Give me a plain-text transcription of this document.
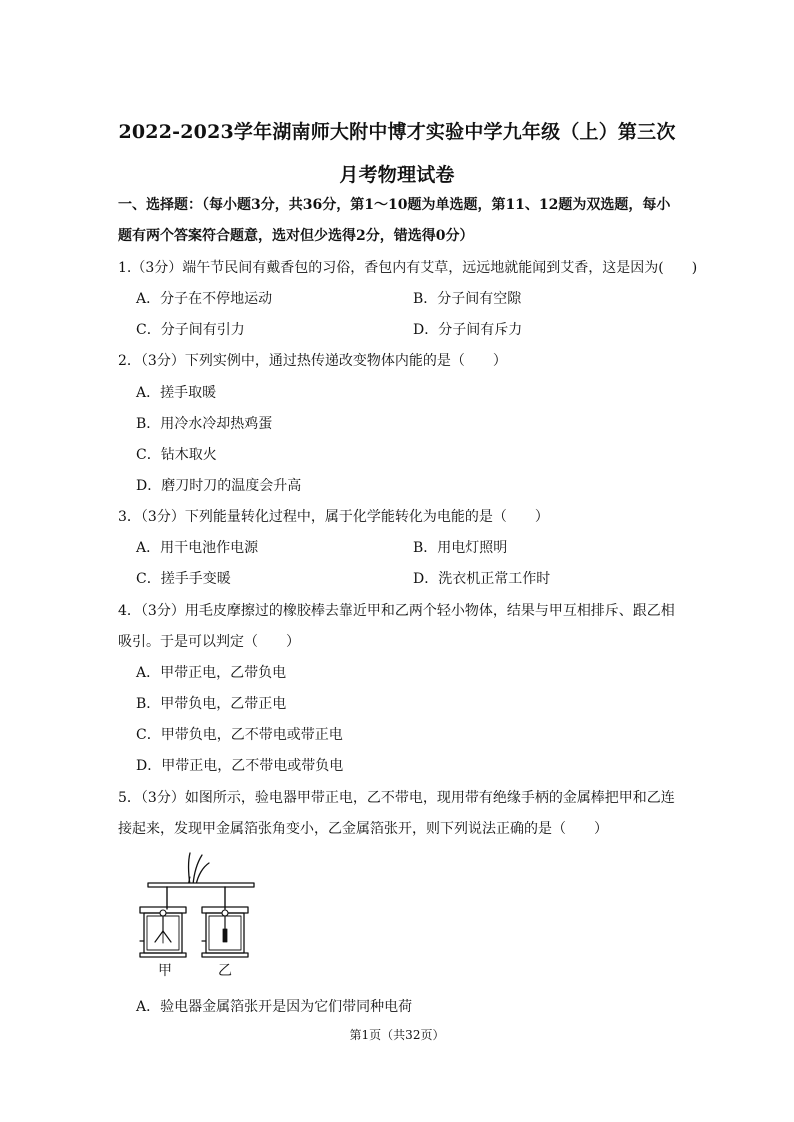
2022-2023学年湖南师大附中博才实验中学九年级（上）第三次
月考物理试卷
一、选择题：（每小题3分，共36分，第1～10题为单选题，第11、12题为双选题，每小题有两个答案符合题意，选对但少选得2分，错选得0分）
1.（3分）端午节民间有戴香包的习俗，香包内有艾草，远远地就能闻到艾香，这是因为(　　)
A．分子在不停地运动	B．分子间有空隙
C．分子间有引力	D．分子间有斥力
2．（3分）下列实例中，通过热传递改变物体内能的是（　　）
A．搓手取暖
B．用冷水冷却热鸡蛋
C．钻木取火
D．磨刀时刀的温度会升高
3．（3分）下列能量转化过程中，属于化学能转化为电能的是（　　）
A．用干电池作电源	B．用电灯照明
C．搓手手变暖	D．洗衣机正常工作时
4．（3分）用毛皮摩擦过的橡胶棒去靠近甲和乙两个轻小物体，结果与甲互相排斥、跟乙相
吸引。于是可以判定（　　）
A．甲带正电，乙带负电
B．甲带负电，乙带正电
C．甲带负电，乙不带电或带正电
D．甲带正电，乙不带电或带负电
5．（3分）如图所示，验电器甲带正电，乙不带电，现用带有绝缘手柄的金属棒把甲和乙连
接起来，发现甲金属箔张角变小，乙金属箔张开，则下列说法正确的是（　　）
甲	乙
A．验电器金属箔张开是因为它们带同种电荷
第1页（共32页）
